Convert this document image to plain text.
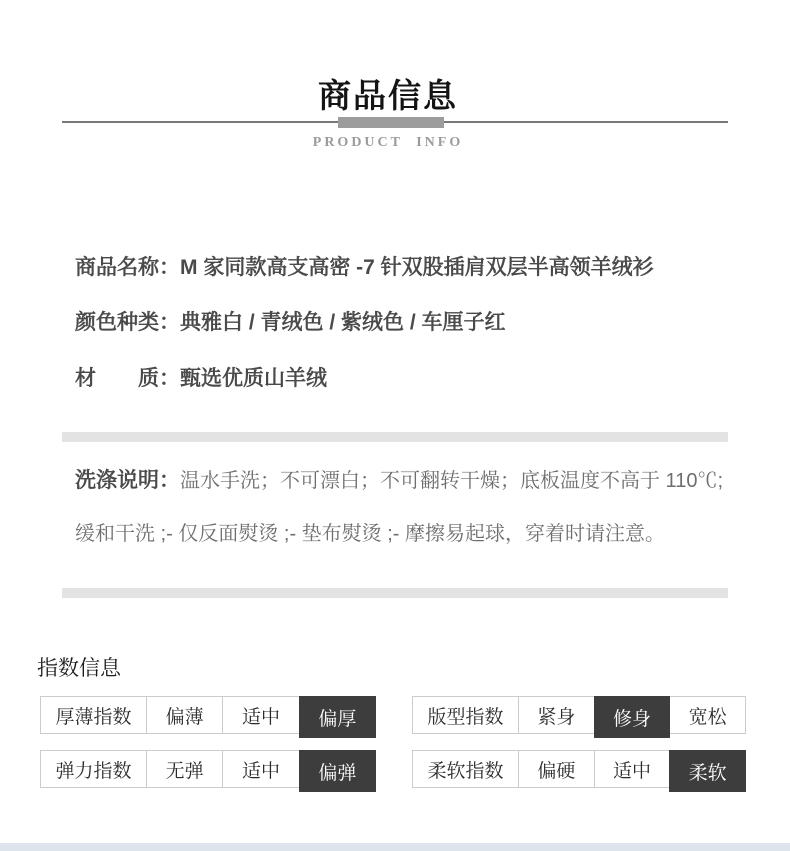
商品信息
PRODUCT INFO
商品名称：M 家同款高支高密 -7 针双股插肩双层半高领羊绒衫
颜色种类：典雅白 / 青绒色 / 紫绒色 / 车厘子红
材　　质：甄选优质山羊绒
洗涤说明：温水手洗；不可漂白；不可翻转干燥；底板温度不高于 110℃;
缓和干洗 ;- 仅反面熨烫 ;- 垫布熨烫 ;- 摩擦易起球，穿着时请注意。
指数信息
厚薄指数	偏薄	适中	偏厚	版型指数	紧身	修身	宽松
弹力指数	无弹	适中	偏弹	柔软指数	偏硬	适中	柔软
